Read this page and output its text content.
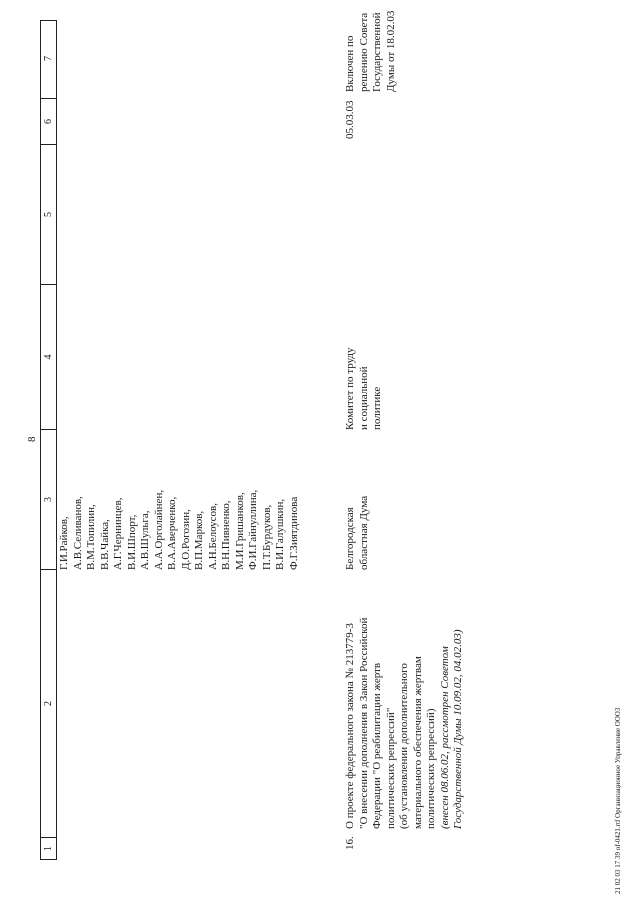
8
1
2
3
4
5
6
7
Г.И.Райков, А.В.Селиванов, В.М.Топилин, В.В.Чайка, А.Г.Чернинцев, В.И.Шпорт, А.В.Шульга, А.А.Орголайнен, В.А.Аверченко, Д.О.Рогозин, В.П.Марков, А.Н.Белоусов, В.Н.Пивненко, М.И.Гришанков, Ф.И.Гайнуллина, П.Т.Бурдуков, В.И.Галушкин, Ф.Г.Зиятдинова
16.
О проекте федерального закона № 213779-3 "О внесении дополнения в Закон Российской Федерации "О реабилитации жертв политических репрессий" (об установлении дополнительного материального обеспечения жертвам политических репрессий) (внесен 08.06.02, рассмотрен Советом Государственной Думы 10.09.02, 04.02.03)
Белгородская областная Дума
Комитет по труду и социальной политике
05.03.03
Включен по решению Совета Государственной Думы от 18.02.03
21 02 03 17 39 of-0421.rtf Организационное Управление ООО3
